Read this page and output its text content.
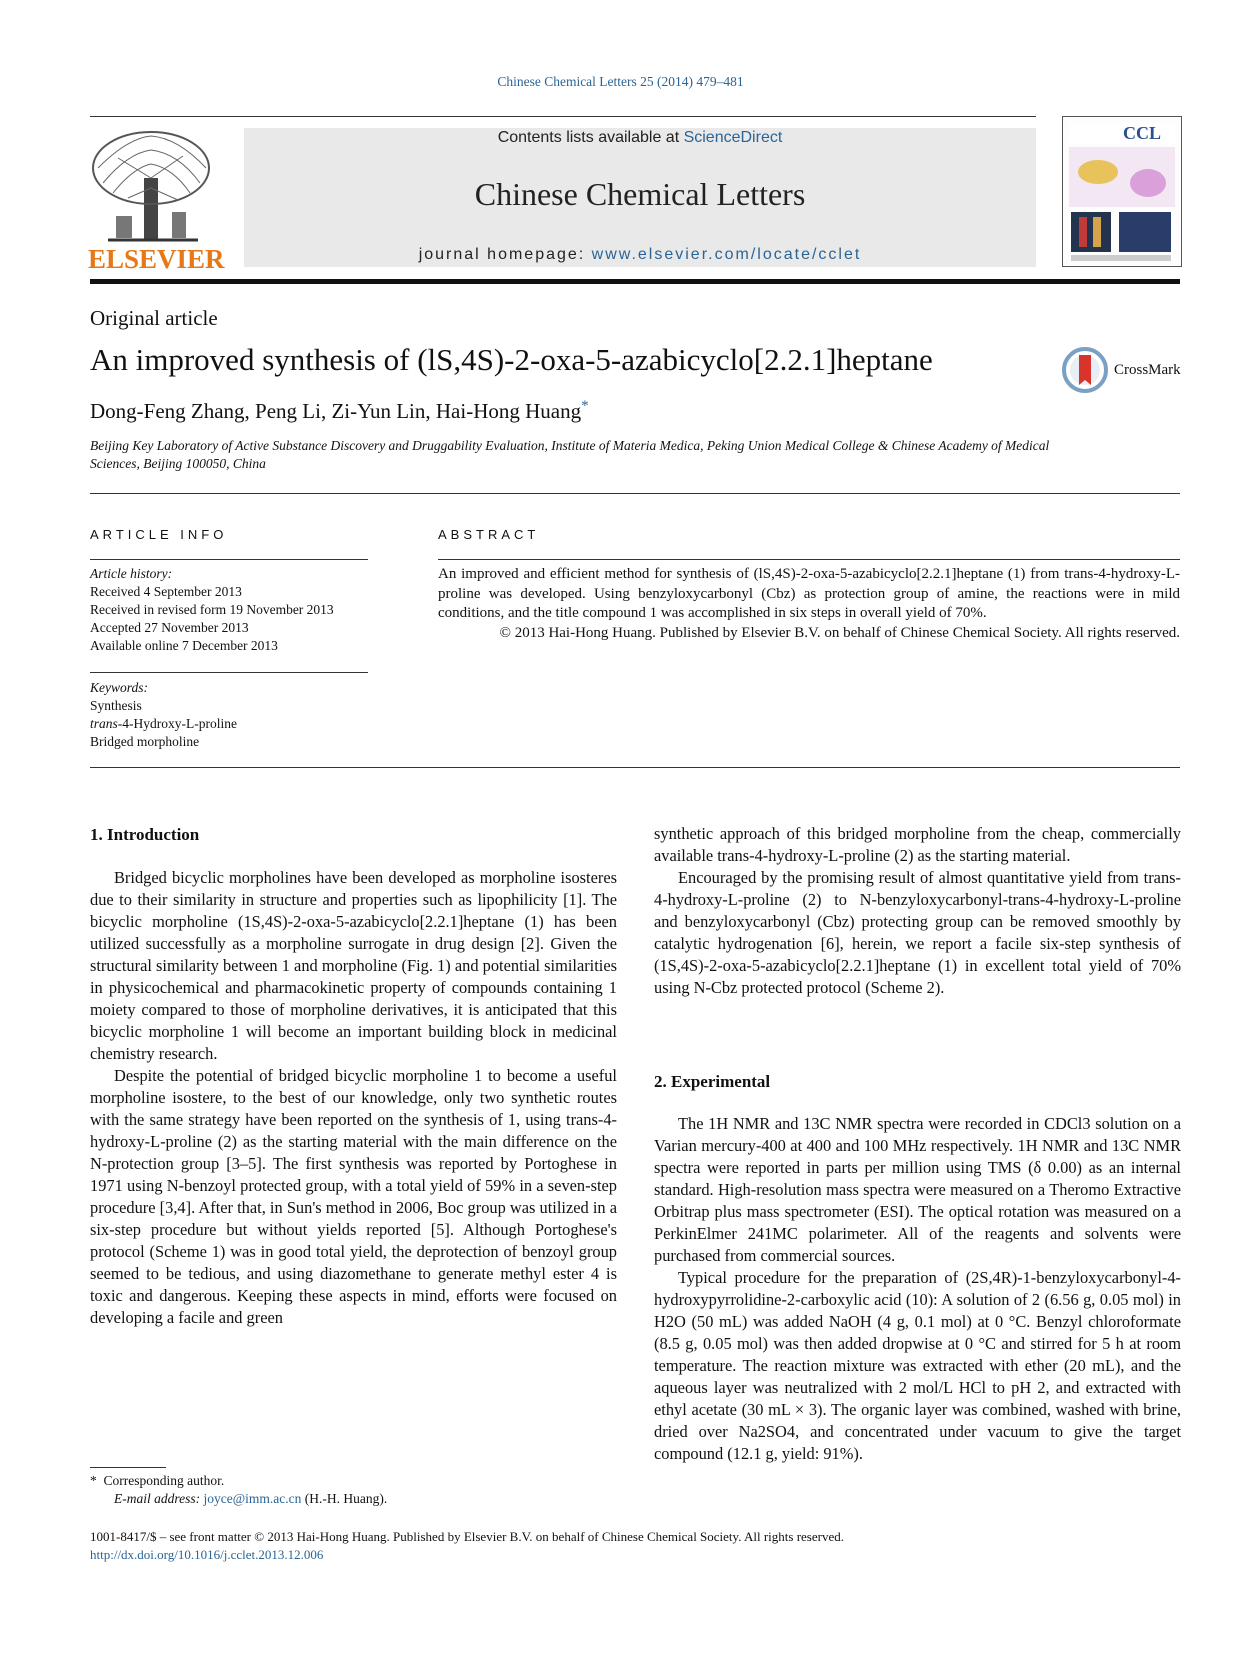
Chinese Chemical Letters 25 (2014) 479–481
ELSEVIER
Contents lists available at ScienceDirect
Chinese Chemical Letters
journal homepage: www.elsevier.com/locate/cclet
CCL
Original article
An improved synthesis of (lS,4S)-2-oxa-5-azabicyclo[2.2.1]heptane	CrossMark
Dong-Feng Zhang, Peng Li, Zi-Yun Lin, Hai-Hong Huang*
Beijing Key Laboratory of Active Substance Discovery and Druggability Evaluation, Institute of Materia Medica, Peking Union Medical College & Chinese Academy of Medical Sciences, Beijing 100050, China
ARTICLE INFO	ABSTRACT
Article history:
Received 4 September 2013
Received in revised form 19 November 2013
Accepted 27 November 2013
Available online 7 December 2013
Keywords:
Synthesis
trans-4-Hydroxy-L-proline
Bridged morpholine
An improved and efficient method for synthesis of (lS,4S)-2-oxa-5-azabicyclo[2.2.1]heptane (1) from trans-4-hydroxy-L-proline was developed. Using benzyloxycarbonyl (Cbz) as protection group of amine, the reactions were in mild conditions, and the title compound 1 was accomplished in six steps in overall yield of 70%.
© 2013 Hai-Hong Huang. Published by Elsevier B.V. on behalf of Chinese Chemical Society. All rights reserved.
1. Introduction

Bridged bicyclic morpholines have been developed as morpholine isosteres due to their similarity in structure and properties such as lipophilicity [1]. The bicyclic morpholine (1S,4S)-2-oxa-5-azabicyclo[2.2.1]heptane (1) has been utilized successfully as a morpholine surrogate in drug design [2]. Given the structural similarity between 1 and morpholine (Fig. 1) and potential similarities in physicochemical and pharmacokinetic property of compounds containing 1 moiety compared to those of morpholine derivatives, it is anticipated that this bicyclic morpholine 1 will become an important building block in medicinal chemistry research.

Despite the potential of bridged bicyclic morpholine 1 to become a useful morpholine isostere, to the best of our knowledge, only two synthetic routes with the same strategy have been reported on the synthesis of 1, using trans-4-hydroxy-L-proline (2) as the starting material with the main difference on the N-protection group [3–5]. The first synthesis was reported by Portoghese in 1971 using N-benzoyl protected group, with a total yield of 59% in a seven-step procedure [3,4]. After that, in Sun's method in 2006, Boc group was utilized in a six-step procedure but without yields reported [5]. Although Portoghese's protocol (Scheme 1) was in good total yield, the deprotection of benzoyl group seemed to be tedious, and using diazomethane to generate methyl ester 4 is toxic and dangerous. Keeping these aspects in mind, efforts were focused on developing a facile and green

synthetic approach of this bridged morpholine from the cheap, commercially available trans-4-hydroxy-L-proline (2) as the starting material.

Encouraged by the promising result of almost quantitative yield from trans-4-hydroxy-L-proline (2) to N-benzyloxycarbonyl-trans-4-hydroxy-L-proline and benzyloxycarbonyl (Cbz) protecting group can be removed smoothly by catalytic hydrogenation [6], herein, we report a facile six-step synthesis of (1S,4S)-2-oxa-5-azabicyclo[2.2.1]heptane (1) in excellent total yield of 70% using N-Cbz protected protocol (Scheme 2).

2. Experimental

The 1H NMR and 13C NMR spectra were recorded in CDCl3 solution on a Varian mercury-400 at 400 and 100 MHz respectively. 1H NMR and 13C NMR spectra were reported in parts per million using TMS (δ 0.00) as an internal standard. High-resolution mass spectra were measured on a Theromo Extractive Orbitrap plus mass spectrometer (ESI). The optical rotation was measured on a PerkinElmer 241MC polarimeter. All of the reagents and solvents were purchased from commercial sources.

Typical procedure for the preparation of (2S,4R)-1-benzyloxycarbonyl-4-hydroxypyrrolidine-2-carboxylic acid (10): A solution of 2 (6.56 g, 0.05 mol) in H2O (50 mL) was added NaOH (4 g, 0.1 mol) at 0 °C. Benzyl chloroformate (8.5 g, 0.05 mol) was then added dropwise at 0 °C and stirred for 5 h at room temperature. The reaction mixture was extracted with ether (20 mL), and the aqueous layer was neutralized with 2 mol/L HCl to pH 2, and extracted with ethyl acetate (30 mL × 3). The organic layer was combined, washed with brine, dried over Na2SO4, and concentrated under vacuum to give the target compound (12.1 g, yield: 91%).

* Corresponding author.
E-mail address: joyce@imm.ac.cn (H.-H. Huang).
1001-8417/$ – see front matter © 2013 Hai-Hong Huang. Published by Elsevier B.V. on behalf of Chinese Chemical Society. All rights reserved.
http://dx.doi.org/10.1016/j.cclet.2013.12.006
